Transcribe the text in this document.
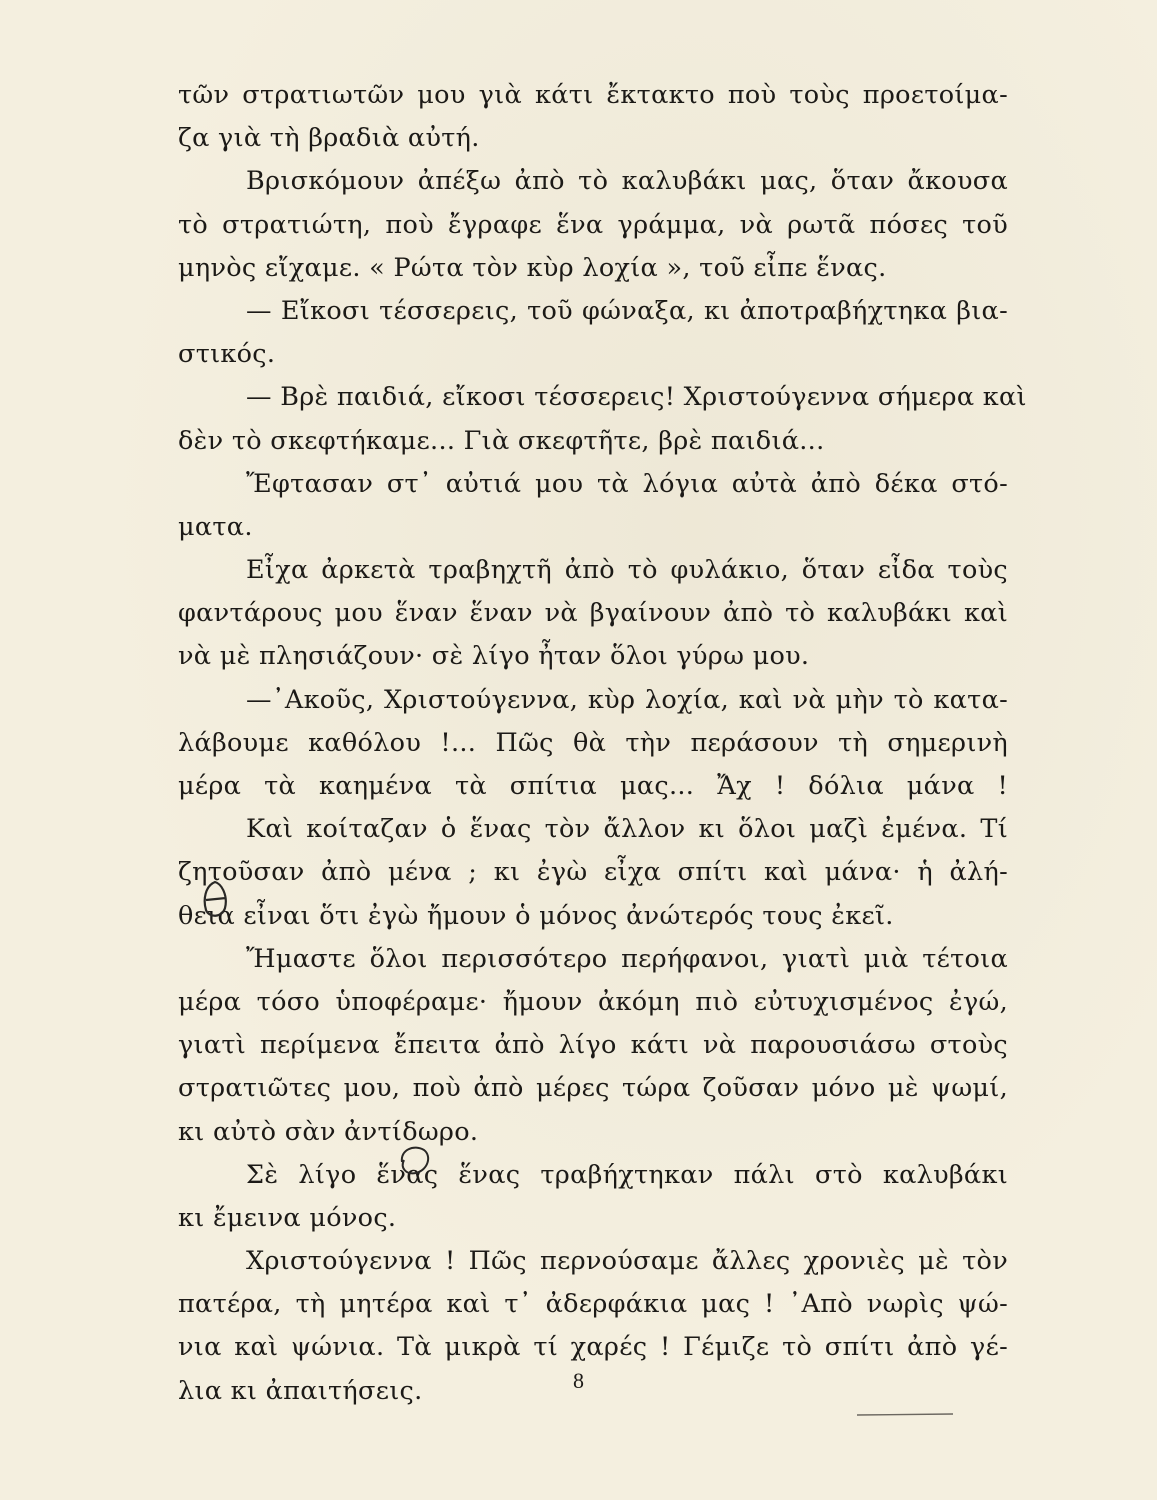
τῶν στρατιωτῶν μου γιὰ κάτι ἔκτακτο ποὺ τοὺς προετοίμα-
ζα γιὰ τὴ βραδιὰ αὐτή.
Βρισκόμουν ἀπέξω ἀπὸ τὸ καλυβάκι μας, ὅταν ἄκουσα
τὸ στρατιώτη, ποὺ ἔγραφε ἕνα γράμμα, νὰ ρωτᾶ πόσες τοῦ
μηνὸς εἴχαμε. « Ρώτα τὸν κὺρ λοχία », τοῦ εἶπε ἕνας.
— Εἴκοσι τέσσερεις, τοῦ φώναξα, κι ἀποτραβήχτηκα βια-
στικός.
— Βρὲ παιδιά, εἴκοσι τέσσερεις! Χριστούγεννα σήμερα καὶ
δὲν τὸ σκεφτήκαμε... Γιὰ σκεφτῆτε, βρὲ παιδιά...
Ἔφτασαν στ᾽ αὐτιά μου τὰ λόγια αὐτὰ ἀπὸ δέκα στό-
ματα.
Εἶχα ἀρκετὰ τραβηχτῆ ἀπὸ τὸ φυλάκιο, ὅταν εἶδα τοὺς
φαντάρους μου ἕναν ἕναν νὰ βγαίνουν ἀπὸ τὸ καλυβάκι καὶ
νὰ μὲ πλησιάζουν· σὲ λίγο ἦταν ὅλοι γύρω μου.
—᾽Ακοῦς, Χριστούγεννα, κὺρ λοχία, καὶ νὰ μὴν τὸ κατα-
λάβουμε καθόλου !... Πῶς θὰ τὴν περάσουν τὴ σημερινὴ
μέρα τὰ καημένα τὰ σπίτια μας... Ἄχ ! δόλια μάνα !
Καὶ κοίταζαν ὁ ἕνας τὸν ἄλλον κι ὅλοι μαζὶ ἐμένα. Τί
ζητοῦσαν ἀπὸ μένα ; κι ἐγὼ εἶχα σπίτι καὶ μάνα· ἡ ἀλή-
θεια εἶναι ὅτι ἐγὼ ἤμουν ὁ μόνος ἀνώτερός τους ἐκεῖ.
Ἤμαστε ὅλοι περισσότερο περήφανοι, γιατὶ μιὰ τέτοια
μέρα τόσο ὑποφέραμε· ἤμουν ἀκόμη πιὸ εὐτυχισμένος ἐγώ,
γιατὶ περίμενα ἔπειτα ἀπὸ λίγο κάτι νὰ παρουσιάσω στοὺς
στρατιῶτες μου, ποὺ ἀπὸ μέρες τώρα ζοῦσαν μόνο μὲ ψωμί,
κι αὐτὸ σὰν ἀντίδωρο.
Σὲ λίγο ἕνας ἕνας τραβήχτηκαν πάλι στὸ καλυβάκι
κι ἔμεινα μόνος.
Χριστούγεννα ! Πῶς περνούσαμε ἄλλες χρονιὲς μὲ τὸν
πατέρα, τὴ μητέρα καὶ τ᾽ ἀδερφάκια μας ! ᾽Απὸ νωρὶς ψώ-
νια καὶ ψώνια. Τὰ μικρὰ τί χαρές ! Γέμιζε τὸ σπίτι ἀπὸ γέ-
λια κι ἀπαιτήσεις.	8
